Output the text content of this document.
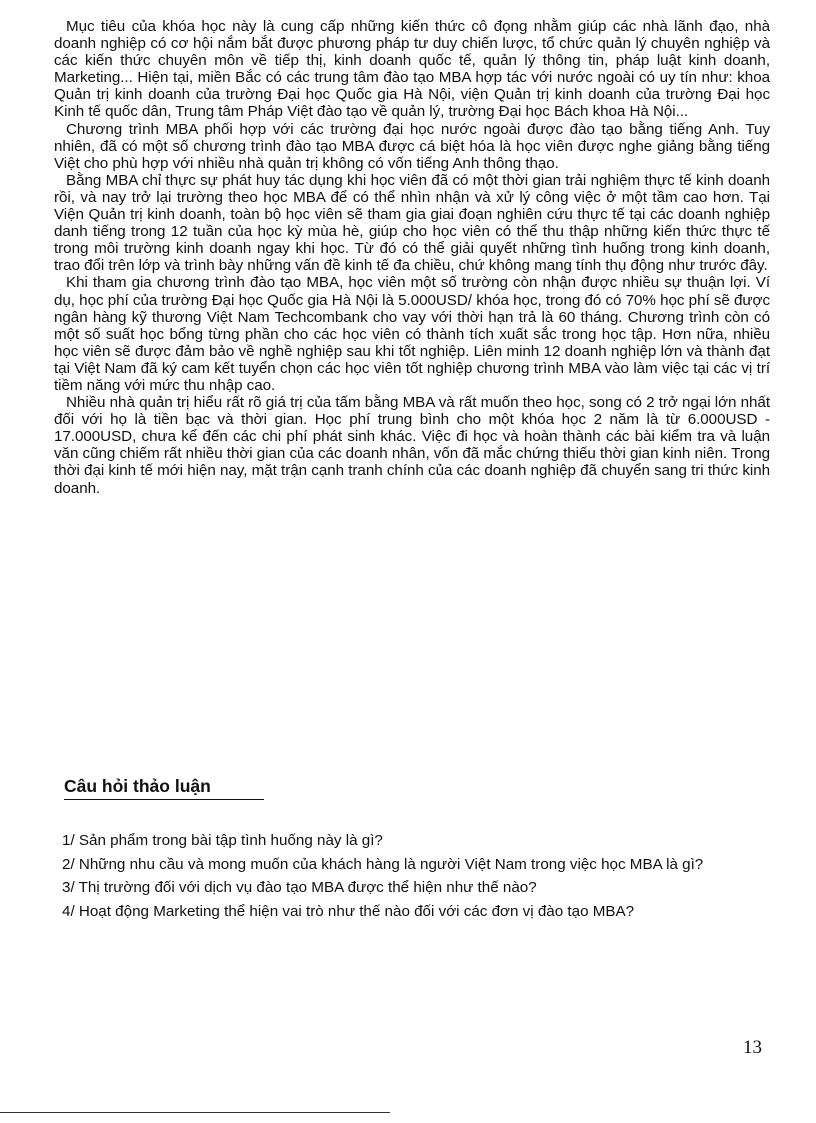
Mục tiêu của khóa học này là cung cấp những kiến thức cô đọng nhằm giúp các nhà lãnh đạo, nhà doanh nghiệp có cơ hội nắm bắt được phương pháp tư duy chiến lược, tổ chức quản lý chuyên nghiệp và các kiến thức chuyên môn về tiếp thị, kinh doanh quốc tế, quản lý thông tin, pháp luật kinh doanh, Marketing... Hiện tại, miền Bắc có các trung tâm đào tạo MBA hợp tác với nước ngoài có uy tín như: khoa Quản trị kinh doanh của trường Đại học Quốc gia Hà Nội, viện Quản trị kinh doanh của trường Đại học Kinh tế quốc dân, Trung tâm Pháp Việt đào tạo về quản lý, trường Đại học Bách khoa Hà Nội...

Chương trình MBA phối hợp với các trường đại học nước ngoài được đào tạo bằng tiếng Anh. Tuy nhiên, đã có một số chương trình đào tạo MBA được cá biệt hóa là học viên được nghe giảng bằng tiếng Việt cho phù hợp với nhiều nhà quản trị không có vốn tiếng Anh thông thạo.

Bằng MBA chỉ thực sự phát huy tác dụng khi học viên đã có một thời gian trải nghiệm thực tế kinh doanh rồi, và nay trở lại trường theo học MBA để có thể nhìn nhận và xử lý công việc ở một tầm cao hơn. Tại Viện Quản trị kinh doanh, toàn bộ học viên sẽ tham gia giai đoạn nghiên cứu thực tế tại các doanh nghiệp danh tiếng trong 12 tuần của học kỳ mùa hè, giúp cho học viên có thể thu thập những kiến thức thực tế trong môi trường kinh doanh ngay khi học. Từ đó có thể giải quyết những tình huống trong kinh doanh, trao đổi trên lớp và trình bày những vấn đề kinh tế đa chiều, chứ không mang tính thụ động như trước đây.

Khi tham gia chương trình đào tạo MBA, học viên một số trường còn nhận được nhiều sự thuận lợi. Ví dụ, học phí của trường Đại học Quốc gia Hà Nội là 5.000USD/ khóa học, trong đó có 70% học phí sẽ được ngân hàng kỹ thương Việt Nam Techcombank cho vay với thời hạn trả là 60 tháng. Chương trình còn có một số suất học bổng từng phần cho các học viên có thành tích xuất sắc trong học tập. Hơn nữa, nhiều học viên sẽ được đảm bảo về nghề nghiệp sau khi tốt nghiệp. Liên minh 12 doanh nghiệp lớn và thành đạt tại Việt Nam đã ký cam kết tuyển chọn các học viên tốt nghiệp chương trình MBA vào làm việc tại các vị trí tiềm năng với mức thu nhập cao.

Nhiều nhà quản trị hiểu rất rõ giá trị của tấm bằng MBA và rất muốn theo học, song có 2 trở ngại lớn nhất đối với họ là tiền bạc và thời gian. Học phí trung bình cho một khóa học 2 năm là từ 6.000USD - 17.000USD, chưa kể đến các chi phí phát sinh khác. Việc đi học và hoàn thành các bài kiểm tra và luận văn cũng chiếm rất nhiều thời gian của các doanh nhân, vốn đã mắc chứng thiếu thời gian kinh niên. Trong thời đại kinh tế mới hiện nay, mặt trận cạnh tranh chính của các doanh nghiệp đã chuyển sang tri thức kinh doanh.

Câu hỏi thảo luận
1/ Sản phẩm trong bài tập tình huống này là gì?
2/ Những nhu cầu và mong muốn của khách hàng là người Việt Nam trong việc học MBA là gì?
3/ Thị trường đối với dịch vụ đào tạo MBA được thể hiện như thế nào?
4/ Hoạt động Marketing thể hiện vai trò như thế nào đối với các đơn vị đào tạo MBA?
13
